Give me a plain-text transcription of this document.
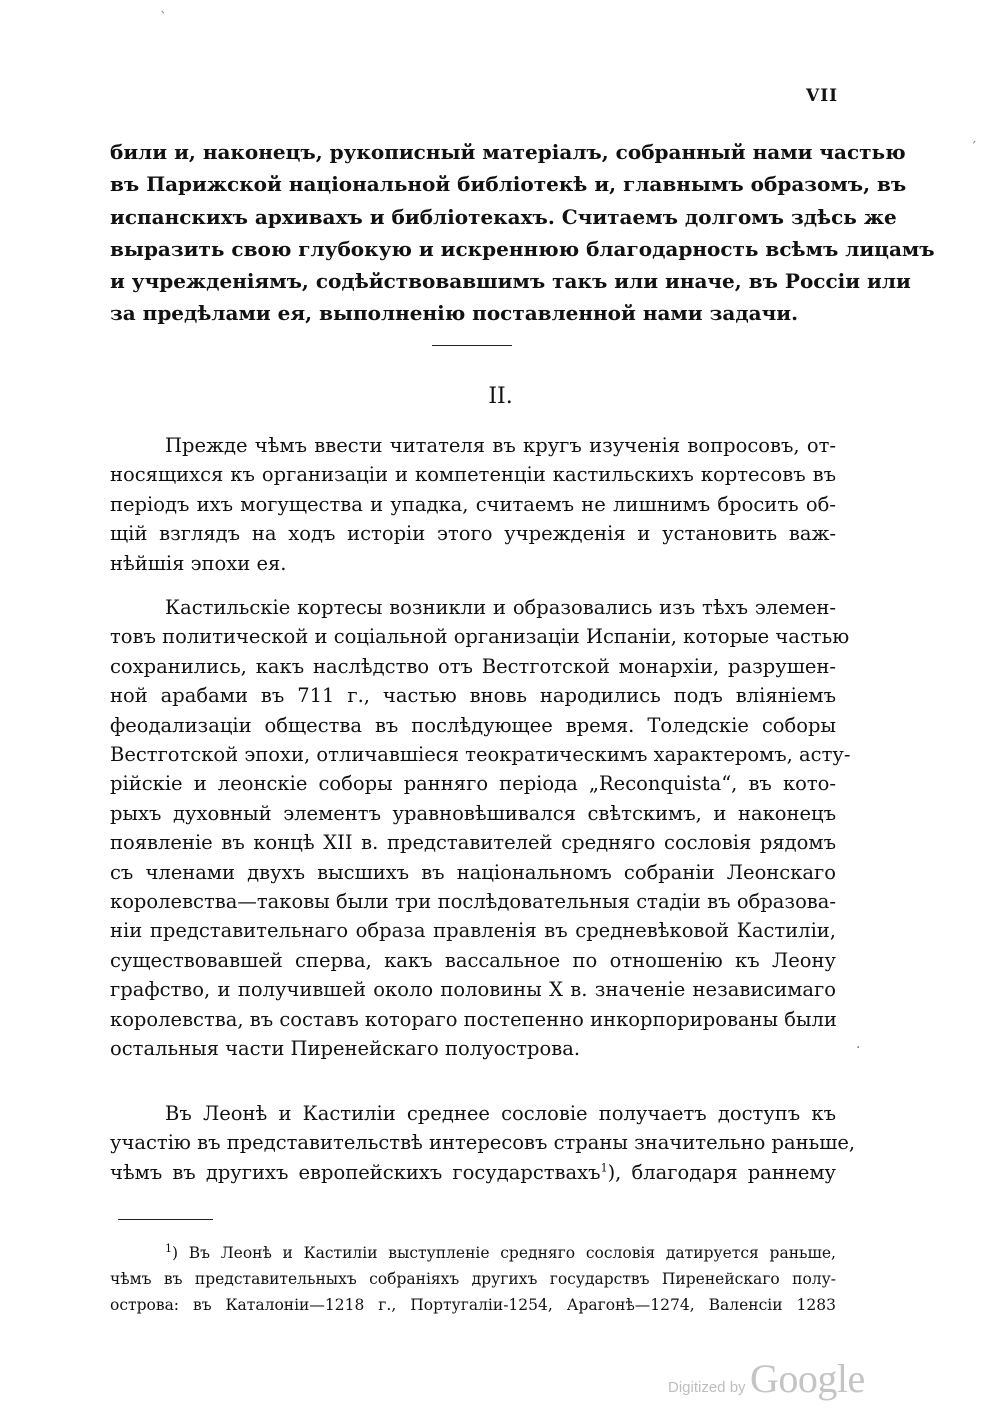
VII
били и, наконецъ, рукописный матеріалъ, собранный нами частью
въ Парижской національной библіотекѣ и, главнымъ образомъ, въ
испанскихъ архивахъ и библіотекахъ. Считаемъ долгомъ здѣсь же
выразить свою глубокую и искреннюю благодарность всѣмъ лицамъ
и учрежденіямъ, содѣйствовавшимъ такъ или иначе, въ Россіи или
за предѣлами ея, выполненію поставленной нами задачи.
II.
Прежде чѣмъ ввести читателя въ кругъ изученія вопросовъ, от-
носящихся къ организаціи и компетенціи кастильскихъ кортесовъ въ
періодъ ихъ могущества и упадка, считаемъ не лишнимъ бросить об-
щій взглядъ на ходъ исторіи этого учрежденія и установить важ-
нѣйшія эпохи ея.
Кастильскіе кортесы возникли и образовались изъ тѣхъ элемен-
товъ политической и соціальной организаціи Испаніи, которые частью
сохранились, какъ наслѣдство отъ Вестготской монархіи, разрушен-
ной арабами въ 711 г., частью вновь народились подъ вліяніемъ
феодализаціи общества въ послѣдующее время. Толедскіе соборы
Вестготской эпохи, отличавшіеся теократическимъ характеромъ, асту-
рійскіе и леонскіе соборы ранняго періода „Reconquista“, въ кото-
рыхъ духовный элементъ уравновѣшивался свѣтскимъ, и наконецъ
появленіе въ концѣ XII в. представителей средняго сословія рядомъ
съ членами двухъ высшихъ въ національномъ собраніи Леонскаго
королевства—таковы были три послѣдовательныя стадіи въ образова-
ніи представительнаго образа правленія въ средневѣковой Кастиліи,
существовавшей сперва, какъ вассальное по отношенію къ Леону
графство, и получившей около половины X в. значеніе независимаго
королевства, въ составъ котораго постепенно инкорпорированы были
остальныя части Пиренейскаго полуострова.
Въ Леонѣ и Кастиліи среднее сословіе получаетъ доступъ къ
участію въ представительствѣ интересовъ страны значительно раньше,
чѣмъ въ другихъ европейскихъ государствахъ$^1$), благодаря раннему
$^1$) Въ Леонѣ и Кастиліи выступленіе средняго сословія датируется раньше,
чѣмъ въ представительныхъ собраніяхъ другихъ государствъ Пиренейскаго полу-
острова: въ Каталоніи—1218 г., Португаліи-1254, Арагонѣ—1274, Валенсіи 1283
Digitized by Google
ˋ
ˊ
·
